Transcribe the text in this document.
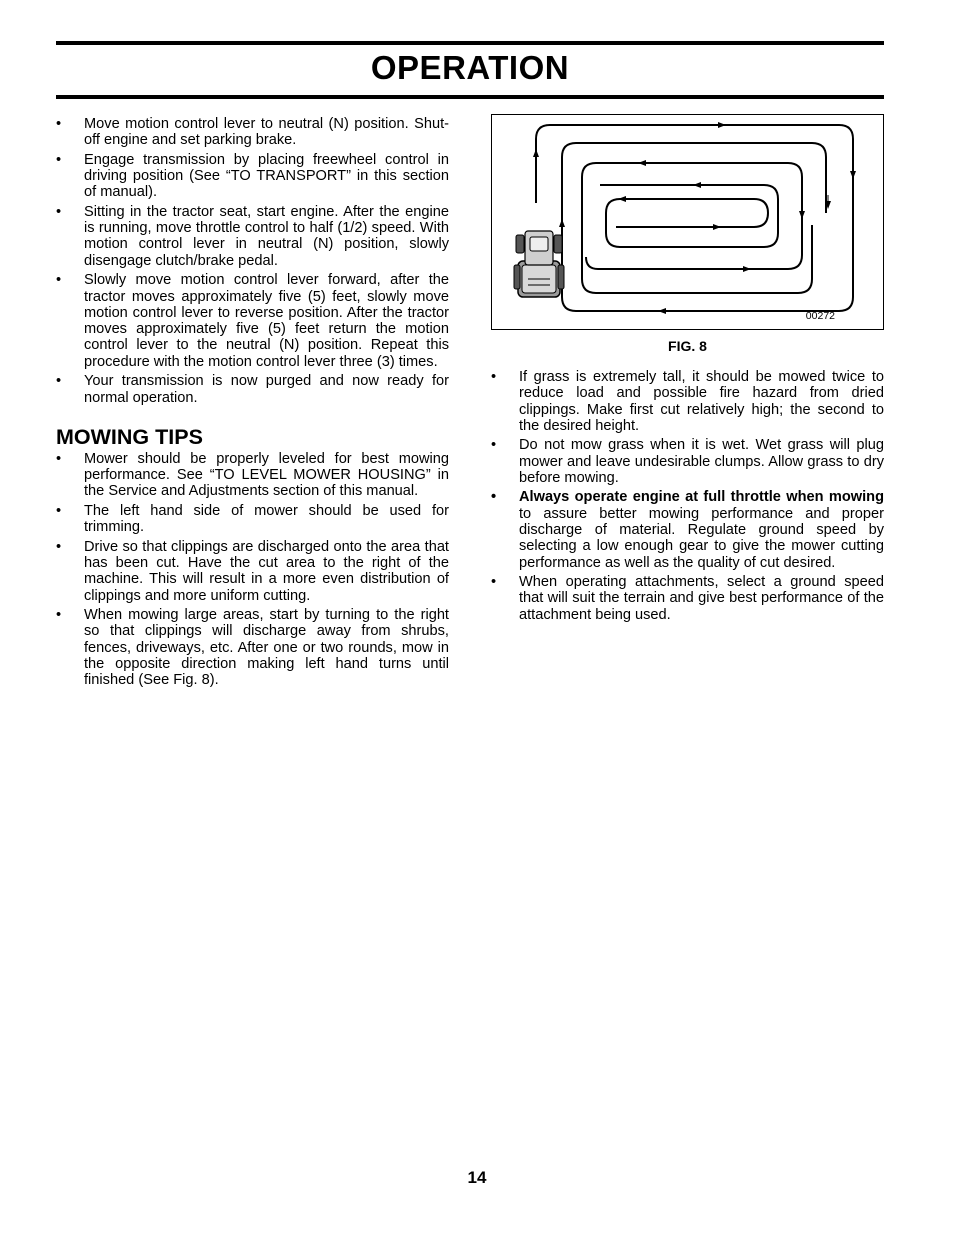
OPERATION
• Move motion control lever to neutral (N) position. Shut-off engine and set parking brake.
• Engage transmission by placing freewheel control in driving position (See “TO TRANSPORT” in this section of manual).
• Sitting in the tractor seat, start engine. After the engine is running, move throttle control to half (1/2) speed. With motion control lever in neutral (N) position, slowly disengage clutch/brake pedal.
• Slowly move motion control lever forward, after the tractor moves approximately five (5) feet, slowly move motion control lever to reverse position. After the tractor moves approximately five (5) feet return the motion control lever to the neutral (N) position. Repeat this procedure with the motion control lever three (3) times.
• Your transmission is now purged and now ready for normal operation.
MOWING TIPS
• Mower should be properly leveled for best mowing performance. See “TO LEVEL MOWER HOUSING” in the Service and Adjustments section of this manual.
• The left hand side of mower should be used for trimming.
• Drive so that clippings are discharged onto the area that has been cut. Have the cut area to the right of the machine. This will result in a more even distribution of clippings and more uniform cutting.
• When mowing large areas, start by turning to the right so that clippings will discharge away from shrubs, fences, driveways, etc. After one or two rounds, mow in the opposite direction making left hand turns until finished (See Fig. 8).
00272
FIG. 8
• If grass is extremely tall, it should be mowed twice to reduce load and possible fire hazard from dried clippings. Make first cut relatively high; the second to the desired height.
• Do not mow grass when it is wet. Wet grass will plug mower and leave undesirable clumps. Allow grass to dry before mowing.
• Always operate engine at full throttle when mowing to assure better mowing performance and proper discharge of material. Regulate ground speed by selecting a low enough gear to give the mower cutting performance as well as the quality of cut desired.
• When operating attachments, select a ground speed that will suit the terrain and give best performance of the attachment being used.
14
